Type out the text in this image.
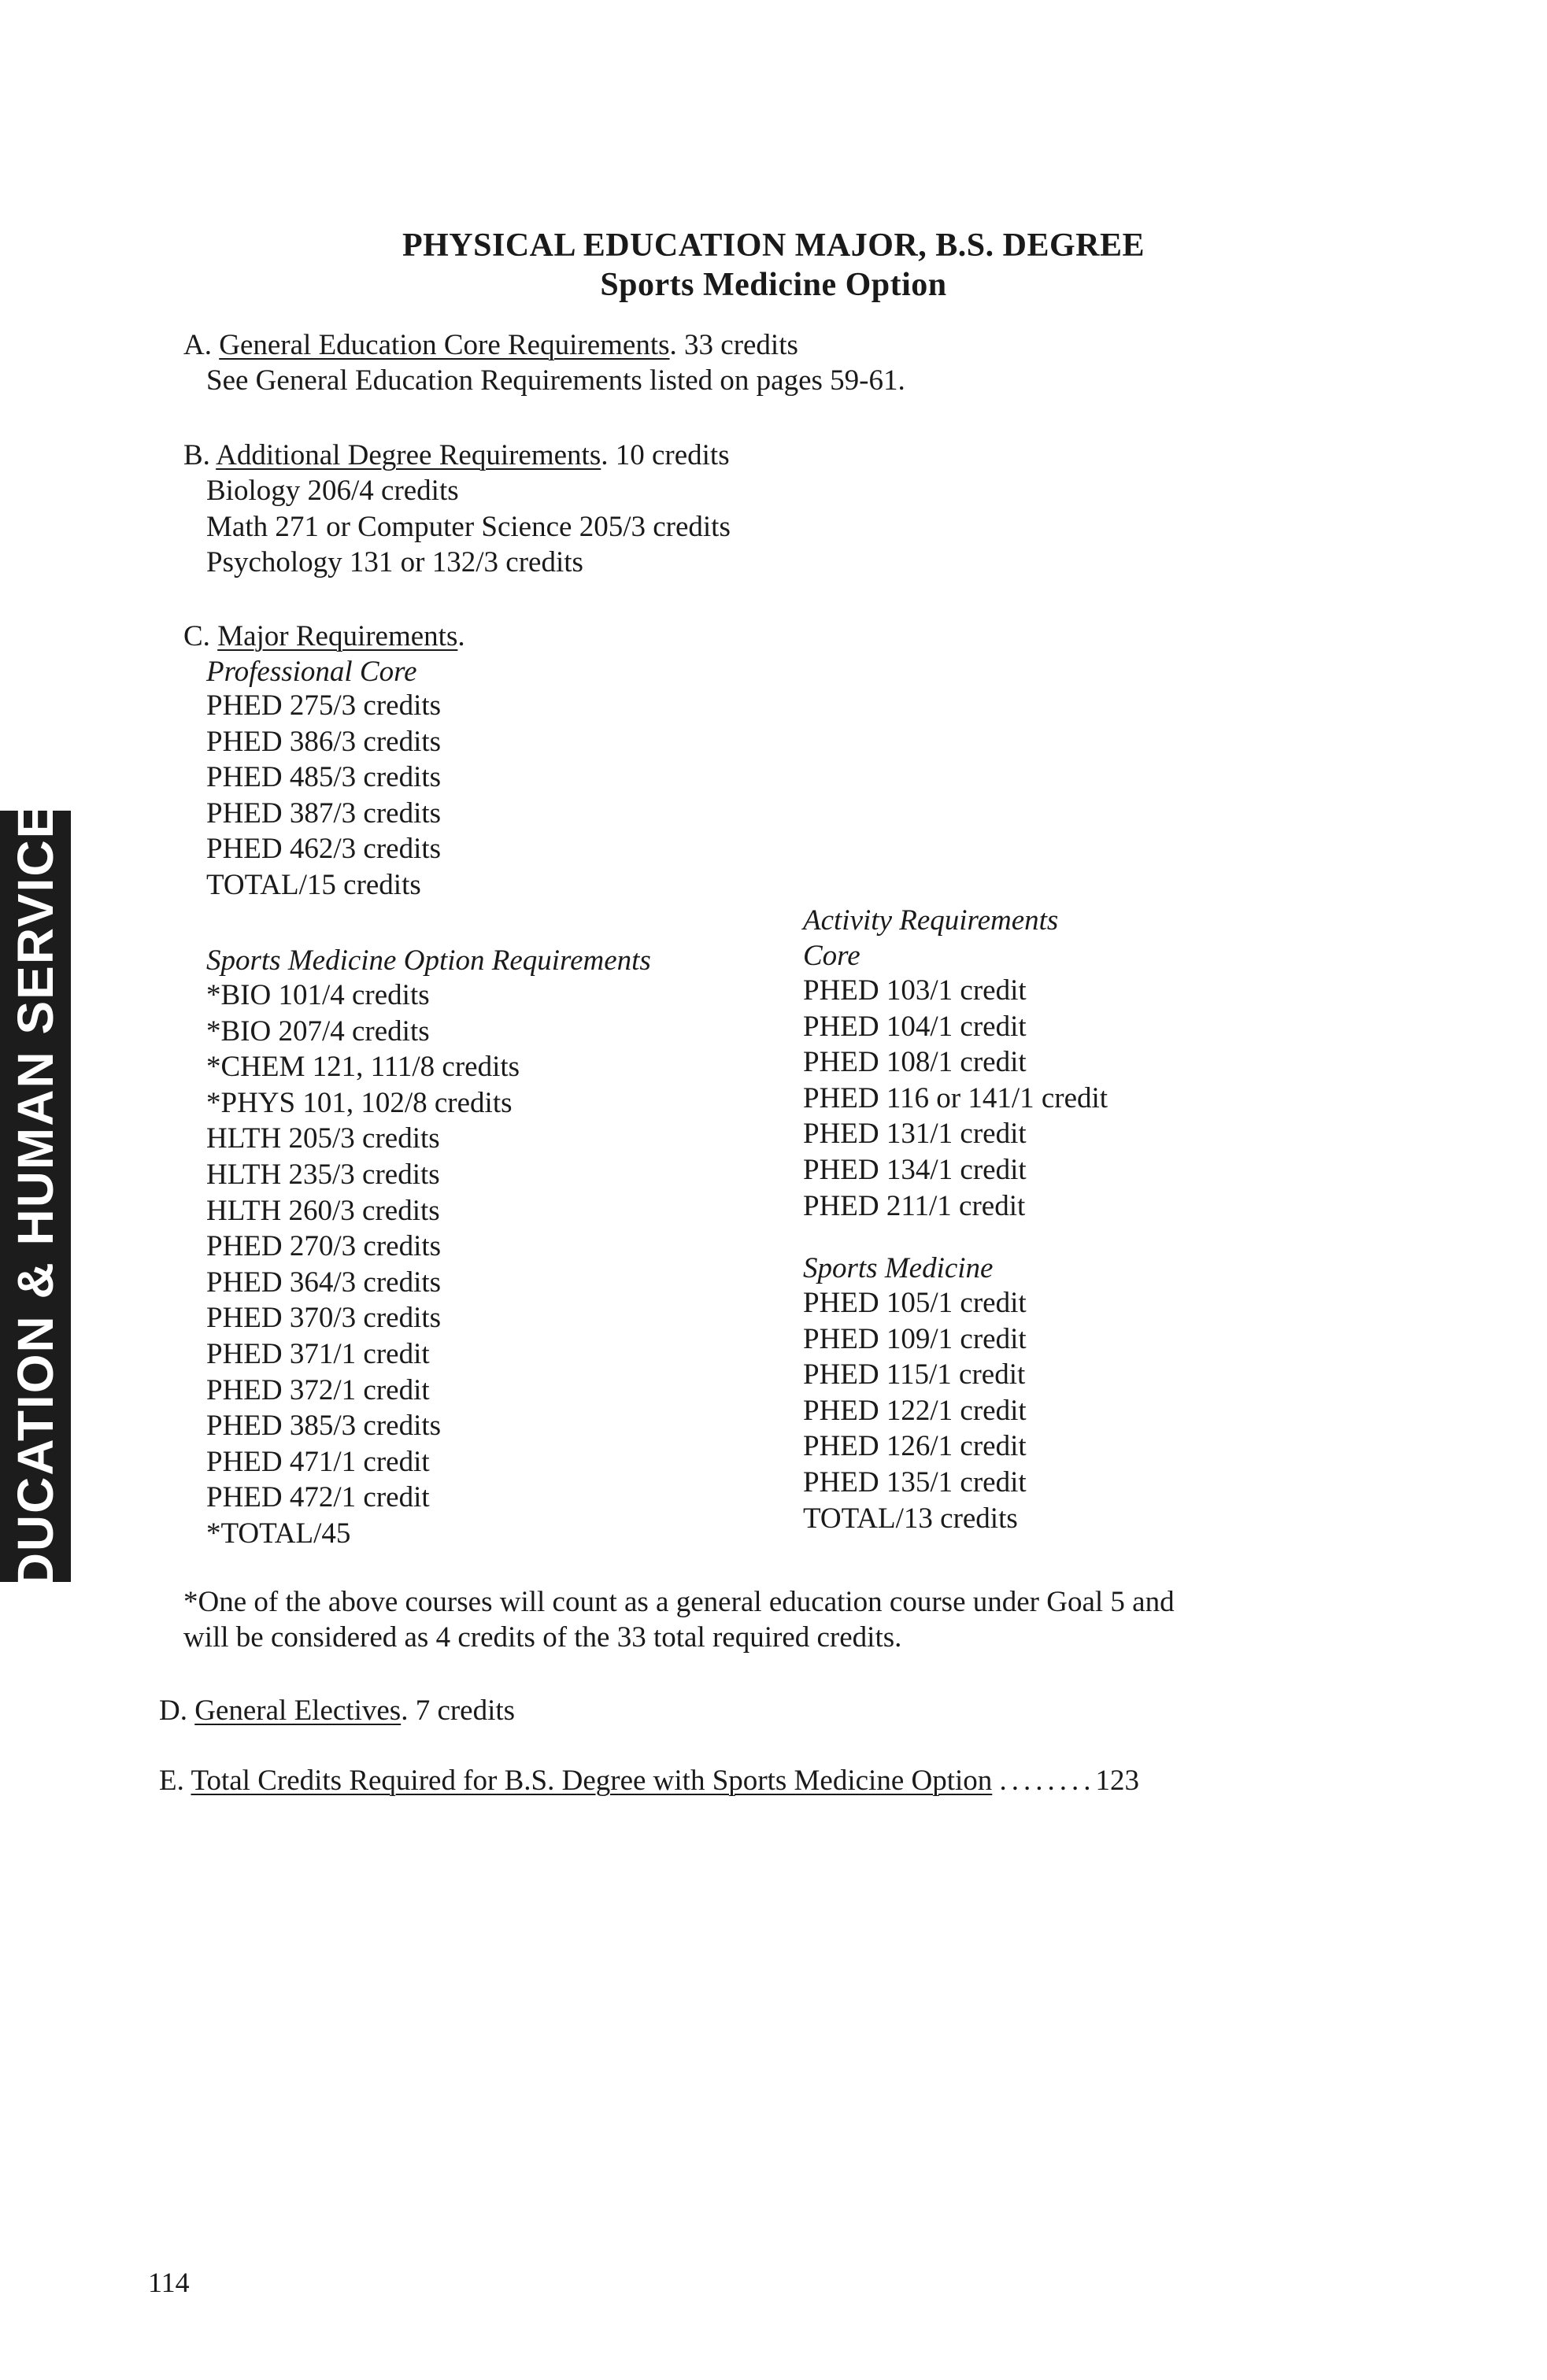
EDUCATION & HUMAN SERVICES
PHYSICAL EDUCATION MAJOR, B.S. DEGREE
Sports Medicine Option
A. General Education Core Requirements. 33 credits
See General Education Requirements listed on pages 59-61.
B. Additional Degree Requirements. 10 credits
Biology 206/4 credits
Math 271 or Computer Science 205/3 credits
Psychology 131 or 132/3 credits
C. Major Requirements.
Professional Core
PHED 275/3 credits
PHED 386/3 credits
PHED 485/3 credits
PHED 387/3 credits
PHED 462/3 credits
TOTAL/15 credits
Activity Requirements
Core
PHED 103/1 credit
PHED 104/1 credit
PHED 108/1 credit
PHED 116 or 141/1 credit
PHED 131/1 credit
PHED 134/1 credit
PHED 211/1 credit
Sports Medicine
PHED 105/1 credit
PHED 109/1 credit
PHED 115/1 credit
PHED 122/1 credit
PHED 126/1 credit
PHED 135/1 credit
TOTAL/13 credits
Sports Medicine Option Requirements
*BIO 101/4 credits
*BIO 207/4 credits
*CHEM 121, 111/8 credits
*PHYS 101, 102/8 credits
HLTH 205/3 credits
HLTH 235/3 credits
HLTH 260/3 credits
PHED 270/3 credits
PHED 364/3 credits
PHED 370/3 credits
PHED 371/1 credit
PHED 372/1 credit
PHED 385/3 credits
PHED 471/1 credit
PHED 472/1 credit
*TOTAL/45
*One of the above courses will count as a general education course under Goal 5 and
will be considered as 4 credits of the 33 total required credits.
D. General Electives. 7 credits
E. Total Credits Required for B.S. Degree with Sports Medicine Option ........123
114
